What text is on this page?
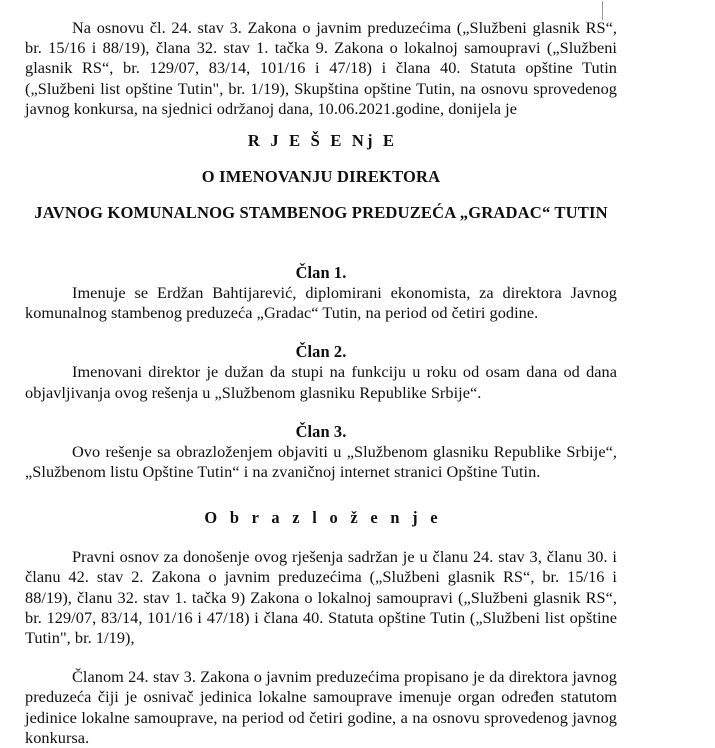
Na osnovu čl. 24. stav 3. Zakona o javnim preduzećima („Službeni glasnik RS“, br. 15/16 i 88/19), člana 32. stav 1. tačka 9. Zakona o lokalnoj samoupravi („Službeni glasnik RS“, br. 129/07, 83/14, 101/16 i 47/18) i člana 40. Statuta opštine Tutin („Službeni list opštine Tutin", br. 1/19), Skupština opštine Tutin, na osnovu sprovedenog javnog konkursa, na sjednici održanoj dana, 10.06.2021.godine, donijela je

R J E Š E Nj E
O IMENOVANJU DIREKTORA
JAVNOG KOMUNALNOG STAMBENOG PREDUZEĆA „GRADAC“ TUTIN
Član 1.

Imenuje se Erdžan Bahtijarević, diplomirani ekonomista, za direktora Javnog komunalnog stambenog preduzeća „Gradac“ Tutin, na period od četiri godine.

Član 2.

Imenovani direktor je dužan da stupi na funkciju u roku od osam dana od dana objavljivanja ovog rešenja u „Službenom glasniku Republike Srbije“.

Član 3.

Ovo rešenje sa obrazloženjem objaviti u „Službenom glasniku Republike Srbije“, „Službenom listu Opštine Tutin“ i na zvaničnoj internet stranici Opštine Tutin.

O b r a z l o ž e n j e

Pravni osnov za donošenje ovog rješenja sadržan je u članu 24. stav 3, članu 30. i članu 42. stav 2. Zakona o javnim preduzećima („Službeni glasnik RS“, br. 15/16 i 88/19), članu 32. stav 1. tačka 9) Zakona o lokalnoj samoupravi („Službeni glasnik RS“, br. 129/07, 83/14, 101/16 i 47/18) i člana 40. Statuta opštine Tutin („Službeni list opštine Tutin", br. 1/19),

Članom 24. stav 3. Zakona o javnim preduzećima propisano je da direktora javnog preduzeća čiji je osnivač jedinica lokalne samouprave imenuje organ određen statutom jedinice lokalne samouprave, na period od četiri godine, a na osnovu sprovedenog javnog konkursa.
